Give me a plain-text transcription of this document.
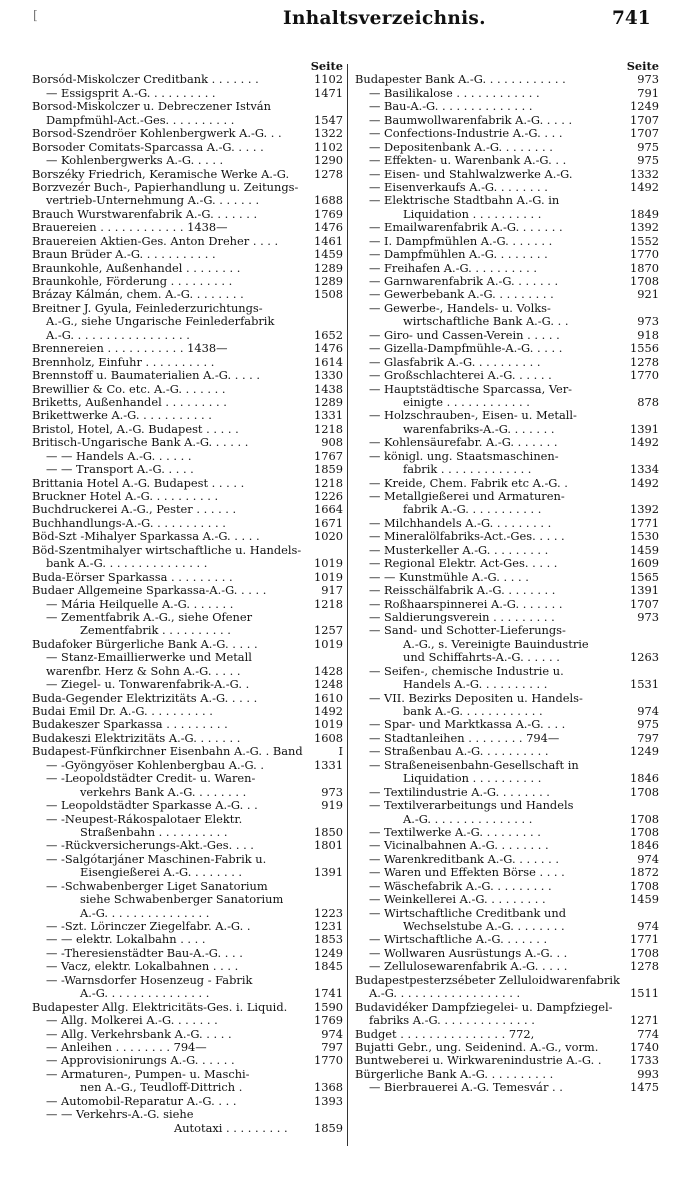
[	Inhaltsverzeichnis.	741
Seite
Borsód-Miskolczer Creditbank . . . . . . .	1102
— Essigsprit A.-G. . . . . . . . . .	1471
Borsod-Miskolczer u. Debreczener István
Dampfmühl-Act.-Ges. . . . . . . . . .	1547
Borsod-Szendröer Kohlenbergwerk A.-G. . .	1322
Borsoder Comitats-Sparcassa A.-G. . . . .	1102
— Kohlenbergwerks A.-G. . . . .	1290
Borszéky Friedrich, Keramische Werke A.-G. 1278
Borzvezér Buch-, Papierhandlung u. Zeitungs-
vertrieb-Unternehmung A.-G. . . . . . .	1688
Brauch Wurstwarenfabrik A.-G. . . . . . .	1769
Brauereien . . . . . . . . . . . . 1438—	1476
Brauereien Aktien-Ges. Anton Dreher . . . .	1461
Braun Brüder A.-G. . . . . . . . . . .	1459
Braunkohle, Außenhandel . . . . . . . .	1289
Braunkohle, Förderung . . . . . . . . .	1289
Brázay Kálmán, chem. A.-G. . . . . . . .	1508
Breitner J. Gyula, Feinlederzurichtungs-
A.-G., siehe Ungarische Feinlederfabrik
A.-G. . . . . . . . . . . . . . . . .	1652
Brennereien . . . . . . . . . . . 1438—	1476
Brennholz, Einfuhr . . . . . . . . . .	1614
Brennstoff u. Baumaterialien A.-G. . . . .	1330
Brewillier & Co. etc. A.-G. . . . . . .	1438
Briketts, Außenhandel . . . . . . . . .	1289
Brikettwerke A.-G. . . . . . . . . . .	1331
Bristol, Hotel, A.-G. Budapest . . . . .	1218
Britisch-Ungarische Bank A.-G. . . . . .	908
— — Handels A.-G. . . . . .	1767
— — Transport A.-G. . . . .	1859
Brittania Hotel A.-G. Budapest . . . . .	1218
Bruckner Hotel A.-G. . . . . . . . . .	1226
Buchdruckerei A.-G., Pester . . . . . .	1664
Buchhandlungs-A.-G. . . . . . . . . . .	1671
Böd-Szt -Mihalyer Sparkassa A.-G. . . . .	1020
Böd-Szentmihalyer wirtschaftliche u. Handels-
bank A.-G. . . . . . . . . . . . . . .	1019
Buda-Eörser Sparkassa . . . . . . . . .	1019
Budaer Allgemeine Sparkassa-A.-G. . . . .	917
— Mária Heilquelle A.-G. . . . . . .	1218
— Zementfabrik A.-G., siehe Ofener
Zementfabrik . . . . . . . . . .	1257
Budafoker Bürgerliche Bank A.-G. . . . .	1019
— Stanz-Emaillierwerke und Metall
warenfbr. Herz & Sohn A.-G. . . . .	1428
— Ziegel- u. Tonwarenfabrik-A.-G. .	1248
Buda-Gegender Elektrizitäts A.-G. . . . .	1610
Budai Emil Dr. A.-G. . . . . . . . . .	1492
Budakeszer Sparkassa . . . . . . . . .	1019
Budakeszi Elektrizitäts A.-G. . . . . . .	1608
Budapest-Fünfkirchner Eisenbahn A.-G. . Band	I
— -Gyöngyöser Kohlenbergbau A.-G. .	1331
— -Leopoldstädter Credit- u. Waren-
verkehrs Bank A.-G. . . . . . . .	973
— Leopoldstädter Sparkasse A.-G. . .	919
— -Neupest-Rákospalotaer Elektr.
Straßenbahn . . . . . . . . . .	1850
— -Rückversicherungs-Akt.-Ges. . . .	1801
— -Salgótarjáner Maschinen-Fabrik u.
Eisengießerei A.-G. . . . . . . .	1391
— -Schwabenberger Liget Sanatorium
siehe Schwabenberger Sanatorium
A.-G. . . . . . . . . . . . . . .	1223
— -Szt. Lörinczer Ziegelfabr. A.-G. .	1231
— — elektr. Lokalbahn . . . .	1853
— -Theresienstädter Bau-A.-G. . . .	1249
— Vacz, elektr. Lokalbahnen . . . .	1845
— -Warnsdorfer Hosenzeug - Fabrik
A.-G. . . . . . . . . . . . . . .	1741
Budapester Allg. Elektricitäts-Ges. i. Liquid. 1590
— Allg. Molkerei A.-G. . . . . . .	1769
— Allg. Verkehrsbank A.-G. . . . .	974
— Anleihen . . . . . . . . 794—	797
— Approvisionirungs A.-G. . . . . .	1770
— Armaturen-, Pumpen- u. Maschi-
nen A.-G., Teudloff-Dittrich .	1368
— Automobil-Reparatur A.-G. . . .	1393
— — Verkehrs-A.-G. siehe
Autotaxi . . . . . . . . . 1859
Seite
Budapester Bank A.-G. . . . . . . . . . . .	973
— Basilikalose . . . . . . . . . . . .	791
— Bau-A.-G. . . . . . . . . . . . . .	1249
— Baumwollwarenfabrik A.-G. . . . .	1707
— Confections-Industrie A.-G. . . .	1707
— Depositenbank A.-G. . . . . . . .	975
— Effekten- u. Warenbank A.-G. . .	975
— Eisen- und Stahlwalzwerke A.-G.	1332
— Eisenverkaufs A.-G. . . . . . . .	1492
— Elektrische Stadtbahn A.-G. in
Liquidation . . . . . . . . . .	1849
— Emailwarenfabrik A.-G. . . . . . .	1392
— I. Dampfmühlen A.-G. . . . . . .	1552
— Dampfmühlen A.-G. . . . . . . .	1770
— Freihafen A.-G. . . . . . . . . .	1870
— Garnwarenfabrik A.-G. . . . . . .	1708
— Gewerbebank A.-G. . . . . . . . .	921
— Gewerbe-, Handels- u. Volks-
wirtschaftliche Bank A.-G. . .	973
— Giro- und Cassen-Verein . . . . .	918
— Gizella-Dampfmühle-A.-G. . . . .	1556
— Glasfabrik A.-G. . . . . . . . . .	1278
— Großschlachterei A.-G. . . . . .	1770
— Hauptstädtische Sparcassa, Ver-
einigte . . . . . . . . . . . .	878
— Holzschrauben-, Eisen- u. Metall-
warenfabriks-A.-G. . . . . . .	1391
— Kohlensäurefabr. A.-G. . . . . . .	1492
— königl. ung. Staatsmaschinen-
fabrik . . . . . . . . . . . . .	1334
— Kreide, Chem. Fabrik etc A.-G. .	1492
— Metallgießerei und Armaturen-
fabrik A.-G. . . . . . . . . . .	1392
— Milchhandels A.-G. . . . . . . . .	1771
— Mineralölfabriks-Act.-Ges. . . . .	1530
— Musterkeller A.-G. . . . . . . . .	1459
— Regional Elektr. Act-Ges. . . . .	1609
— — Kunstmühle A.-G. . . . .	1565
— Reisschälfabrik A.-G. . . . . . . .	1391
— Roßhaarspinnerei A.-G. . . . . . .	1707
— Saldierungsverein . . . . . . . . .	973
— Sand- und Schotter-Lieferungs-
A.-G., s. Vereinigte Bauindustrie
und Schiffahrts-A.-G. . . . . .	1263
— Seifen-, chemische Industrie u.
Handels A.-G. . . . . . . . . .	1531
— VII. Bezirks Depositen u. Handels-
bank A.-G. . . . . . . . . . . .	974
— Spar- und Marktkassa A.-G. . . .	975
— Stadtanleihen . . . . . . . . 794—	797
— Straßenbau A.-G. . . . . . . . . .	1249
— Straßeneisenbahn-Gesellschaft in
Liquidation . . . . . . . . . .	1846
— Textilindustrie A.-G. . . . . . . .	1708
— Textilverarbeitungs und Handels
A.-G. . . . . . . . . . . . . . .	1708
— Textilwerke A.-G. . . . . . . . .	1708
— Vicinalbahnen A.-G. . . . . . . .	1846
— Warenkreditbank A.-G. . . . . . .	974
— Waren und Effekten Börse . . . .	1872
— Wäschefabrik A.-G. . . . . . . . .	1708
— Weinkellerei A.-G. . . . . . . . .	1459
— Wirtschaftliche Creditbank und
Wechselstube A.-G. . . . . . . .	974
— Wirtschaftliche A.-G. . . . . . .	1771
— Wollwaren Ausrüstungs A.-G. . .	1708
— Zellulosewarenfabrik A.-G. . . . .	1278
Budapestpesterzsébeter Zelluloidwarenfabrik
A.-G. . . . . . . . . . . . . . . . . .	1511
Budavidéker Dampfziegelei- u. Dampfziegel-
fabriks A.-G. . . . . . . . . . . . . .	1271
Budget . . . . . . . . . . . . . . . 772,	774
Bujatti Gebr., ung. Seidenind. A.-G., vorm.	1740
Buntweberei u. Wirkwarenindustrie A.-G. .	1733
Bürgerliche Bank A.-G. . . . . . . . . .	993
— Bierbrauerei A.-G. Temesvár . .	1475
